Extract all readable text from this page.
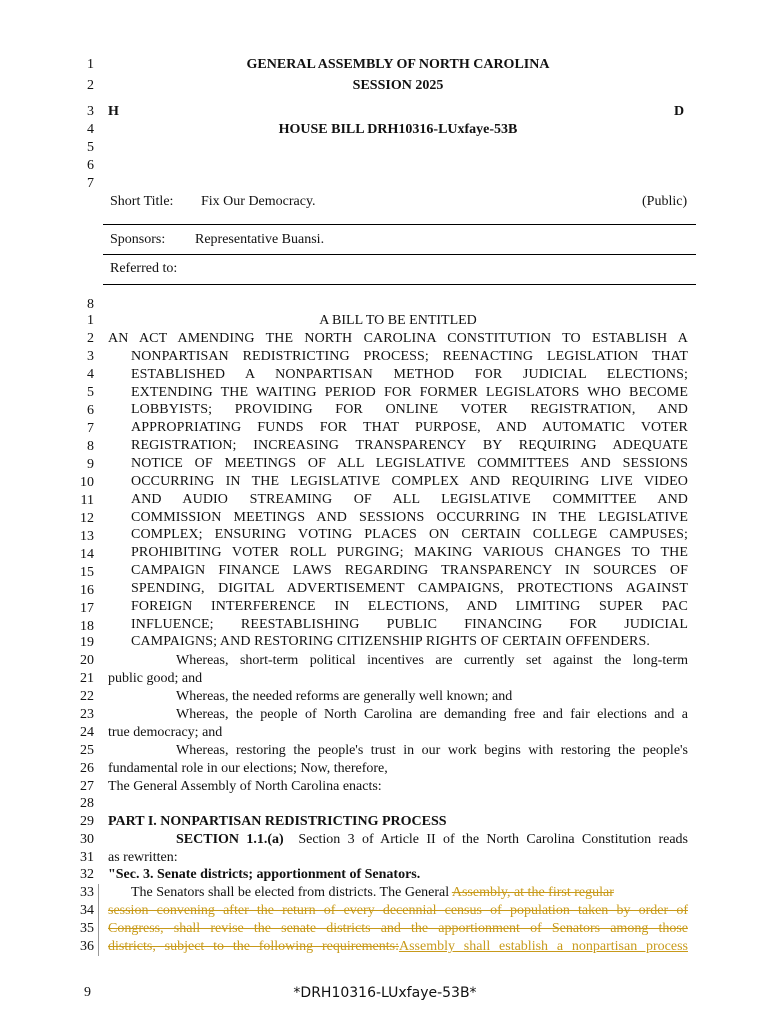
1
2
3
4
5
6
7
GENERAL ASSEMBLY OF NORTH CAROLINA
SESSION 2025
H	D
HOUSE BILL DRH10316-LUxfaye-53B
Short Title: Fix Our Democracy.	(Public)
Sponsors: Representative Buansi.
Referred to:
8
1
2
3
4
5
6
7
8
9
10
11
12
13
14
15
16
17
18
19
20
21
22
23
24
25
26
27
28
29
30
31
32
33
34
35
36
A BILL TO BE ENTITLED
AN ACT AMENDING THE NORTH CAROLINA CONSTITUTION TO ESTABLISH A
NONPARTISAN REDISTRICTING PROCESS; REENACTING LEGISLATION THAT
ESTABLISHED A NONPARTISAN METHOD FOR JUDICIAL ELECTIONS;
EXTENDING THE WAITING PERIOD FOR FORMER LEGISLATORS WHO BECOME
LOBBYISTS; PROVIDING FOR ONLINE VOTER REGISTRATION, AND
APPROPRIATING FUNDS FOR THAT PURPOSE, AND AUTOMATIC VOTER
REGISTRATION; INCREASING TRANSPARENCY BY REQUIRING ADEQUATE
NOTICE OF MEETINGS OF ALL LEGISLATIVE COMMITTEES AND SESSIONS
OCCURRING IN THE LEGISLATIVE COMPLEX AND REQUIRING LIVE VIDEO
AND AUDIO STREAMING OF ALL LEGISLATIVE COMMITTEE AND
COMMISSION MEETINGS AND SESSIONS OCCURRING IN THE LEGISLATIVE
COMPLEX; ENSURING VOTING PLACES ON CERTAIN COLLEGE CAMPUSES;
PROHIBITING VOTER ROLL PURGING; MAKING VARIOUS CHANGES TO THE
CAMPAIGN FINANCE LAWS REGARDING TRANSPARENCY IN SOURCES OF
SPENDING, DIGITAL ADVERTISEMENT CAMPAIGNS, PROTECTIONS AGAINST
FOREIGN INTERFERENCE IN ELECTIONS, AND LIMITING SUPER PAC
INFLUENCE; REESTABLISHING PUBLIC FINANCING FOR JUDICIAL
CAMPAIGNS; AND RESTORING CITIZENSHIP RIGHTS OF CERTAIN OFFENDERS.
Whereas, short-term political incentives are currently set against the long-term
public good; and
Whereas, the needed reforms are generally well known; and
Whereas, the people of North Carolina are demanding free and fair elections and a
true democracy; and
Whereas, restoring the people's trust in our work begins with restoring the people's
fundamental role in our elections; Now, therefore,
The General Assembly of North Carolina enacts:
PART I. NONPARTISAN REDISTRICTING PROCESS
SECTION 1.1.(a) Section 3 of Article II of the North Carolina Constitution reads
as rewritten:
"Sec. 3. Senate districts; apportionment of Senators.
The Senators shall be elected from districts. The General Assembly, at the first regular
session convening after the return of every decennial census of population taken by order of
Congress, shall revise the senate districts and the apportionment of Senators among those
districts, subject to the following requirements:Assembly shall establish a nonpartisan process
9	*DRH10316-LUxfaye-53B*
